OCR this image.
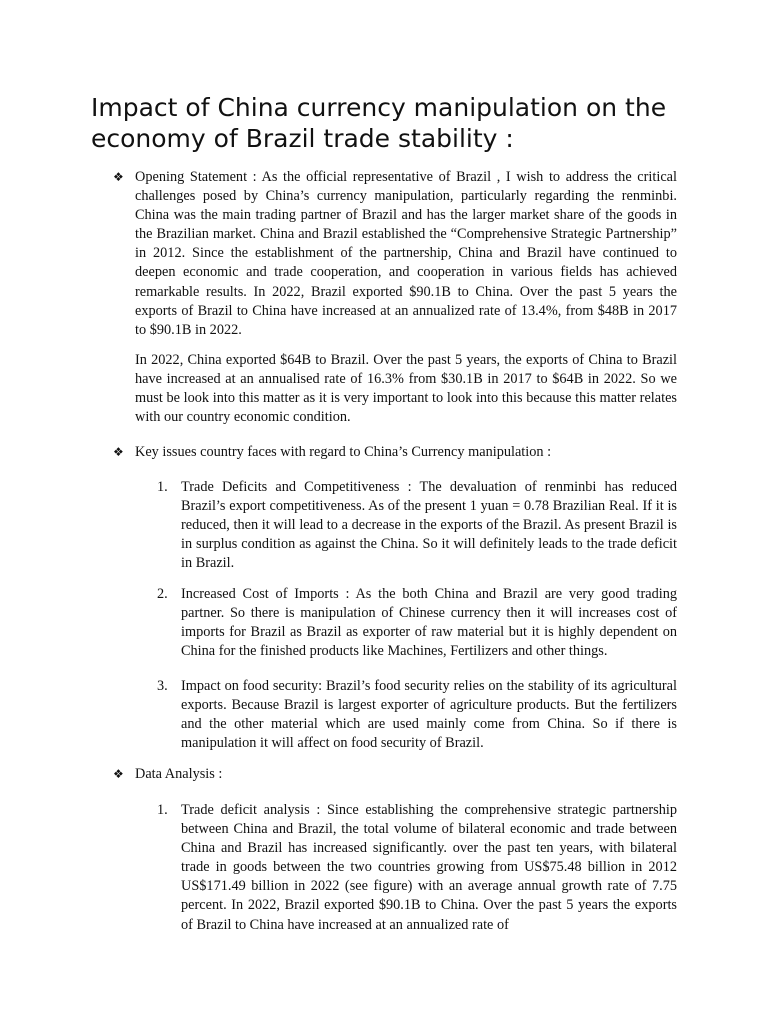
Impact of China currency manipulation on the economy of Brazil trade stability :
❖ Opening Statement : As the official representative of Brazil , I wish to address the critical challenges posed by China’s currency manipulation, particularly regarding the renminbi. China was the main trading partner of Brazil and has the larger market share of the goods in the Brazilian market. China and Brazil established the “Comprehensive Strategic Partnership” in 2012. Since the establishment of the partnership, China and Brazil have continued to deepen economic and trade cooperation, and cooperation in various fields has achieved remarkable results. In 2022, Brazil exported $90.1B to China. Over the past 5 years the exports of Brazil to China have increased at an annualized rate of 13.4%, from $48B in 2017 to $90.1B in 2022.

In 2022, China exported $64B to Brazil. Over the past 5 years, the exports of China to Brazil have increased at an annualised rate of 16.3% from $30.1B in 2017 to $64B in 2022. So we must be look into this matter as it is very important to look into this because this matter relates with our country economic condition.

❖ Key issues country faces with regard to China’s Currency manipulation :

1. Trade Deficits and Competitiveness : The devaluation of renminbi has reduced Brazil’s export competitiveness. As of the present 1 yuan = 0.78 Brazilian Real. If it is reduced, then it will lead to a decrease in the exports of the Brazil. As present Brazil is in surplus condition as against the China. So it will definitely leads to the trade deficit in Brazil.

2. Increased Cost of Imports : As the both China and Brazil are very good trading partner. So there is manipulation of Chinese currency then it will increases cost of imports for Brazil as Brazil as exporter of raw material but it is highly dependent on China for the finished products like Machines, Fertilizers and other things.

3. Impact on food security: Brazil’s food security relies on the stability of its agricultural exports. Because Brazil is largest exporter of agriculture products. But the fertilizers and the other material which are used mainly come from China. So if there is manipulation it will affect on food security of Brazil.

❖ Data Analysis :

1. Trade deficit analysis : Since establishing the comprehensive strategic partnership between China and Brazil, the total volume of bilateral economic and trade between China and Brazil has increased significantly. over the past ten years, with bilateral trade in goods between the two countries growing from US$75.48 billion in 2012 US$171.49 billion in 2022 (see figure) with an average annual growth rate of 7.75 percent. In 2022, Brazil exported $90.1B to China. Over the past 5 years the exports of Brazil to China have increased at an annualized rate of
